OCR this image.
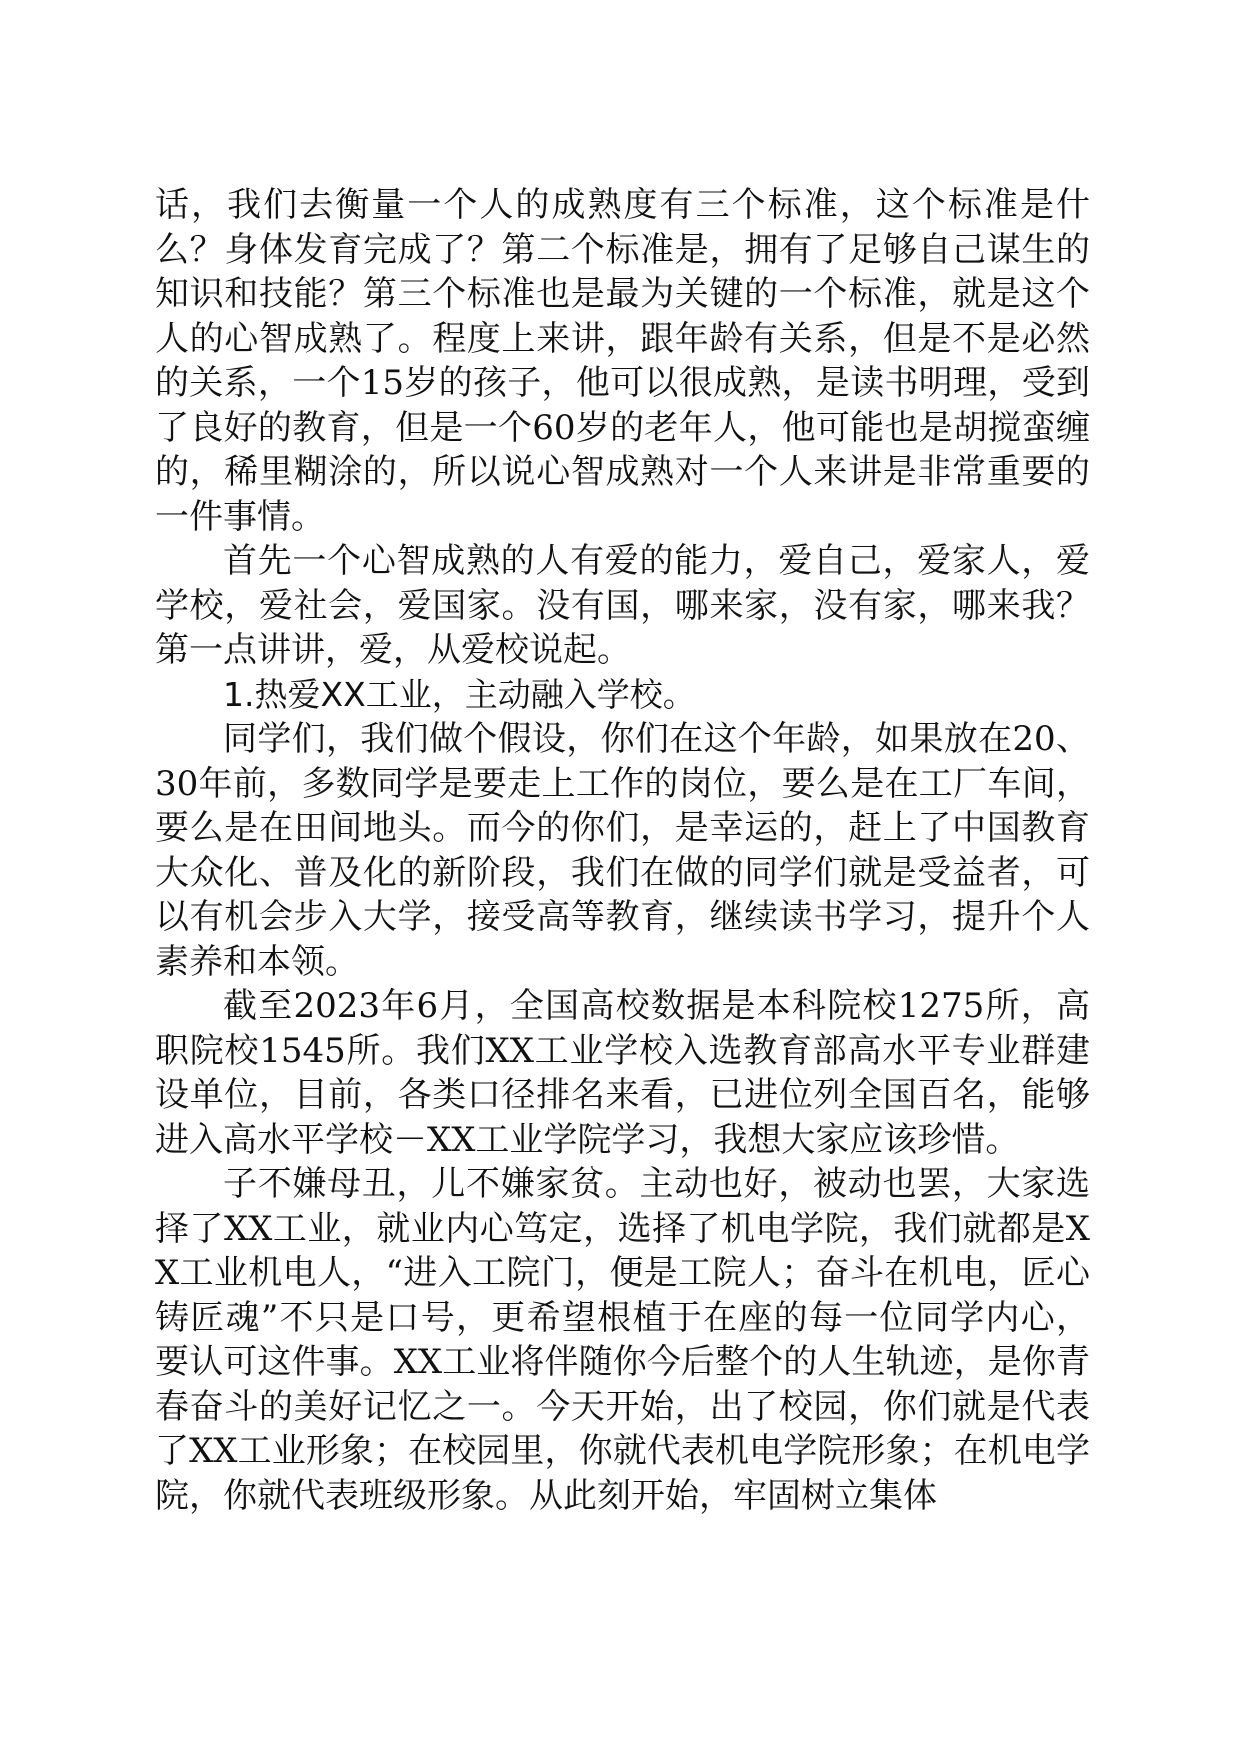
话，我们去衡量一个人的成熟度有三个标准，这个标准是什么？身体发育完成了？第二个标准是，拥有了足够自己谋生的知识和技能？第三个标准也是最为关键的一个标准，就是这个人的心智成熟了。程度上来讲，跟年龄有关系，但是不是必然的关系，一个15岁的孩子，他可以很成熟，是读书明理，受到了良好的教育，但是一个60岁的老年人，他可能也是胡搅蛮缠的，稀里糊涂的，所以说心智成熟对一个人来讲是非常重要的一件事情。

首先一个心智成熟的人有爱的能力，爱自己，爱家人，爱学校，爱社会，爱国家。没有国，哪来家，没有家，哪来我？第一点讲讲，爱，从爱校说起。

1.热爱XX工业，主动融入学校。

同学们，我们做个假设，你们在这个年龄，如果放在20、30年前，多数同学是要走上工作的岗位，要么是在工厂车间，要么是在田间地头。而今的你们，是幸运的，赶上了中国教育大众化、普及化的新阶段，我们在做的同学们就是受益者，可以有机会步入大学，接受高等教育，继续读书学习，提升个人素养和本领。

截至2023年6月，全国高校数据是本科院校1275所，高职院校1545所。我们XX工业学校入选教育部高水平专业群建设单位，目前，各类口径排名来看，已进位列全国百名，能够进入高水平学校－XX工业学院学习，我想大家应该珍惜。

子不嫌母丑，儿不嫌家贫。主动也好，被动也罢，大家选择了XX工业，就业内心笃定，选择了机电学院，我们就都是XX工业机电人，“进入工院门，便是工院人；奋斗在机电，匠心铸匠魂”不只是口号，更希望根植于在座的每一位同学内心，要认可这件事。XX工业将伴随你今后整个的人生轨迹，是你青春奋斗的美好记忆之一。今天开始，出了校园，你们就是代表了XX工业形象；在校园里，你就代表机电学院形象；在机电学院，你就代表班级形象。从此刻开始，牢固树立集体
